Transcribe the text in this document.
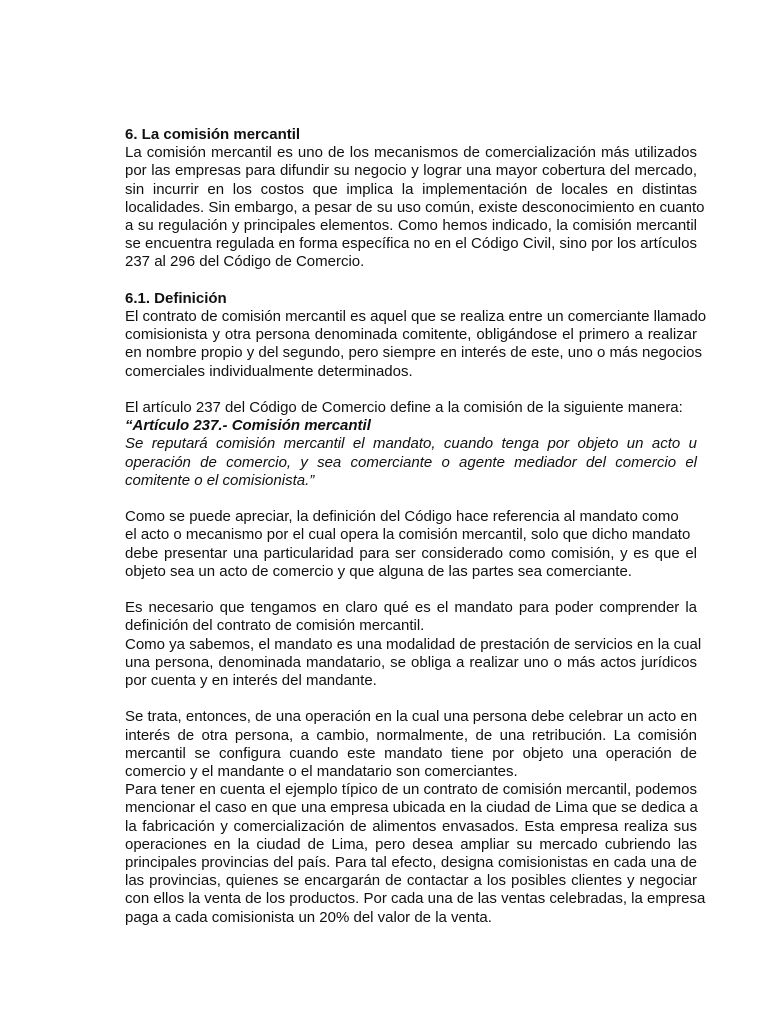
6. La comisión mercantil
La comisión mercantil es uno de los mecanismos de comercialización más utilizados
por las empresas para difundir su negocio y lograr una mayor cobertura del mercado,
sin incurrir en los costos que implica la implementación de locales en distintas
localidades. Sin embargo, a pesar de su uso común, existe desconocimiento en cuanto
a su regulación y principales elementos. Como hemos indicado, la comisión mercantil
se encuentra regulada en forma específica no en el Código Civil, sino por los artículos
237 al 296 del Código de Comercio.
6.1. Definición
El contrato de comisión mercantil es aquel que se realiza entre un comerciante llamado
comisionista y otra persona denominada comitente, obligándose el primero a realizar
en nombre propio y del segundo, pero siempre en interés de este, uno o más negocios
comerciales individualmente determinados.
El artículo 237 del Código de Comercio define a la comisión de la siguiente manera:
“Artículo 237.- Comisión mercantil
Se reputará comisión mercantil el mandato, cuando tenga por objeto un acto u
operación de comercio, y sea comerciante o agente mediador del comercio el
comitente o el comisionista.”
Como se puede apreciar, la definición del Código hace referencia al mandato como
el acto o mecanismo por el cual opera la comisión mercantil, solo que dicho mandato
debe presentar una particularidad para ser considerado como comisión, y es que el
objeto sea un acto de comercio y que alguna de las partes sea comerciante.
Es necesario que tengamos en claro qué es el mandato para poder comprender la
definición del contrato de comisión mercantil.
Como ya sabemos, el mandato es una modalidad de prestación de servicios en la cual
una persona, denominada mandatario, se obliga a realizar uno o más actos jurídicos
por cuenta y en interés del mandante.
Se trata, entonces, de una operación en la cual una persona debe celebrar un acto en
interés de otra persona, a cambio, normalmente, de una retribución. La comisión
mercantil se configura cuando este mandato tiene por objeto una operación de
comercio y el mandante o el mandatario son comerciantes.
Para tener en cuenta el ejemplo típico de un contrato de comisión mercantil, podemos
mencionar el caso en que una empresa ubicada en la ciudad de Lima que se dedica a
la fabricación y comercialización de alimentos envasados. Esta empresa realiza sus
operaciones en la ciudad de Lima, pero desea ampliar su mercado cubriendo las
principales provincias del país. Para tal efecto, designa comisionistas en cada una de
las provincias, quienes se encargarán de contactar a los posibles clientes y negociar
con ellos la venta de los productos. Por cada una de las ventas celebradas, la empresa
paga a cada comisionista un 20% del valor de la venta.
